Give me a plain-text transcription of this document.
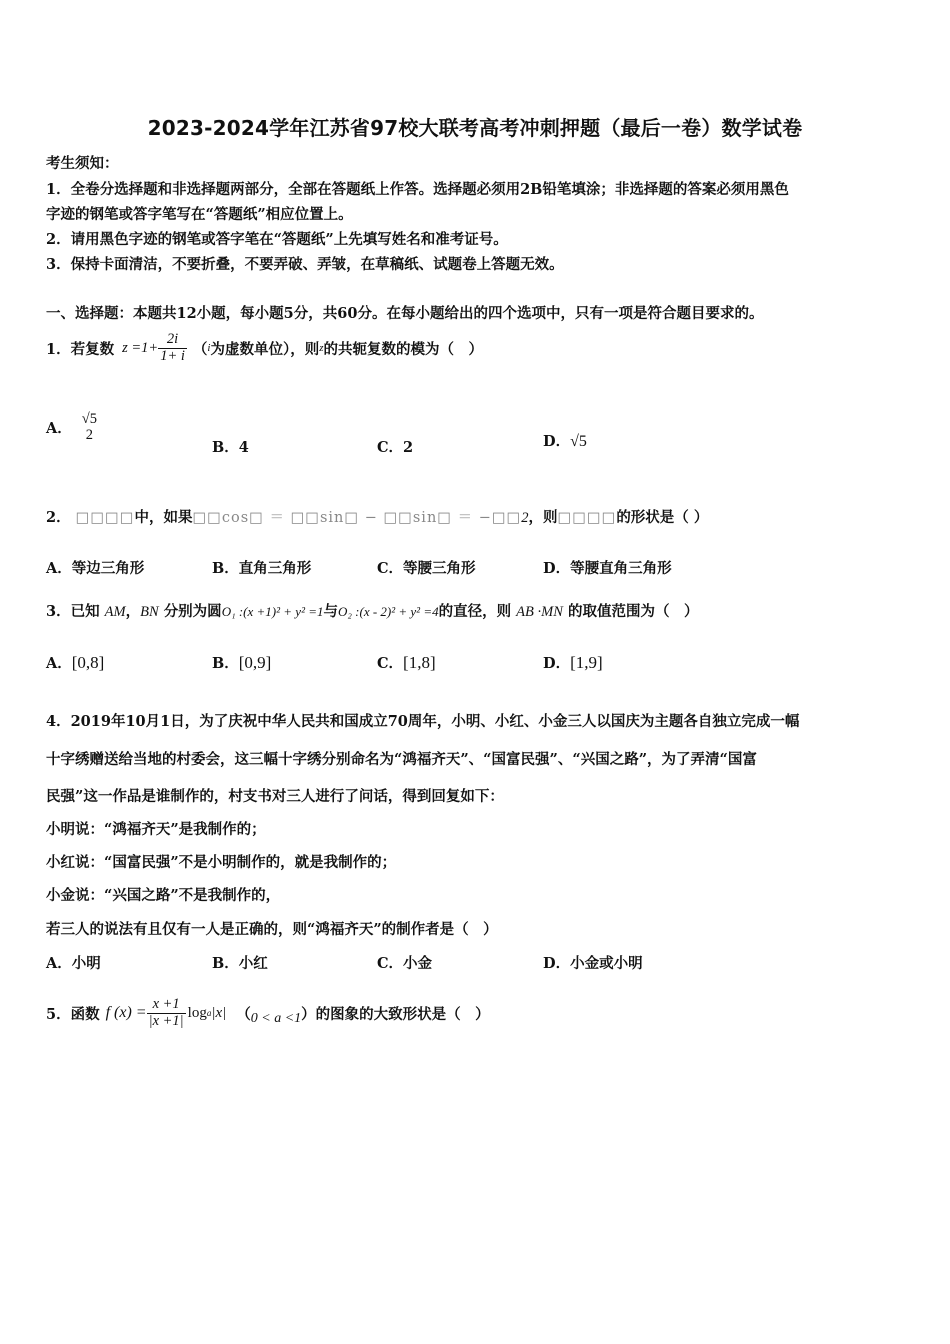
2023-2024学年江苏省97校大联考高考冲刺押题（最后一卷）数学试卷
考生须知：
1．全卷分选择题和非选择题两部分，全部在答题纸上作答。选择题必须用2B铅笔填涂；非选择题的答案必须用黑色
字迹的钢笔或答字笔写在“答题纸”相应位置上。
2．请用黑色字迹的钢笔或答字笔在“答题纸”上先填写姓名和准考证号。
3．保持卡面清洁，不要折叠，不要弄破、弄皱，在草稿纸、试题卷上答题无效。
一、选择题：本题共12小题，每小题5分，共60分。在每小题给出的四个选项中，只有一项是符合题目要求的。
1．若复数 $z =1+ \frac{2i}{1+ i}$ （ i 为虚数单位），则 z 的共轭复数的模为（　）
A．
√5
2
B．4	C．2	D．√5
2． □□□□中，如果□□cos□ ＝ □□sin□ − □□sin□ ＝ −□□2，则□□□□的形状是（ ）
A．等边三角形	B．直角三角形	C．等腰三角形	D．等腰直角三角形
3．已知 AM，BN 分别为圆O₁ :(x +1)² + y² =1与O₂ :(x - 2)² + y² =4的直径，则 AB ·MN 的取值范围为（　）
A．[0,8]	B．[0,9]	C．[1,8]	D．[1,9]
4．2019年10月1日，为了庆祝中华人民共和国成立70周年，小明、小红、小金三人以国庆为主题各自独立完成一幅
十字绣赠送给当地的村委会，这三幅十字绣分别命名为“鸿福齐天”、“国富民强”、“兴国之路”，为了弄清“国富
民强”这一作品是谁制作的，村支书对三人进行了问话，得到回复如下：
小明说：“鸿福齐天”是我制作的；
小红说：“国富民强”不是小明制作的，就是我制作的；
小金说：“兴国之路”不是我制作的，
若三人的说法有且仅有一人是正确的，则“鸿福齐天”的制作者是（　）
A．小明	B．小红	C．小金	D．小金或小明
5．函数 f $(x) = \frac{x +1}{|x +1|}$ log a |x| （ 0 < a <1 ） 的图象的大致形状是（　）
